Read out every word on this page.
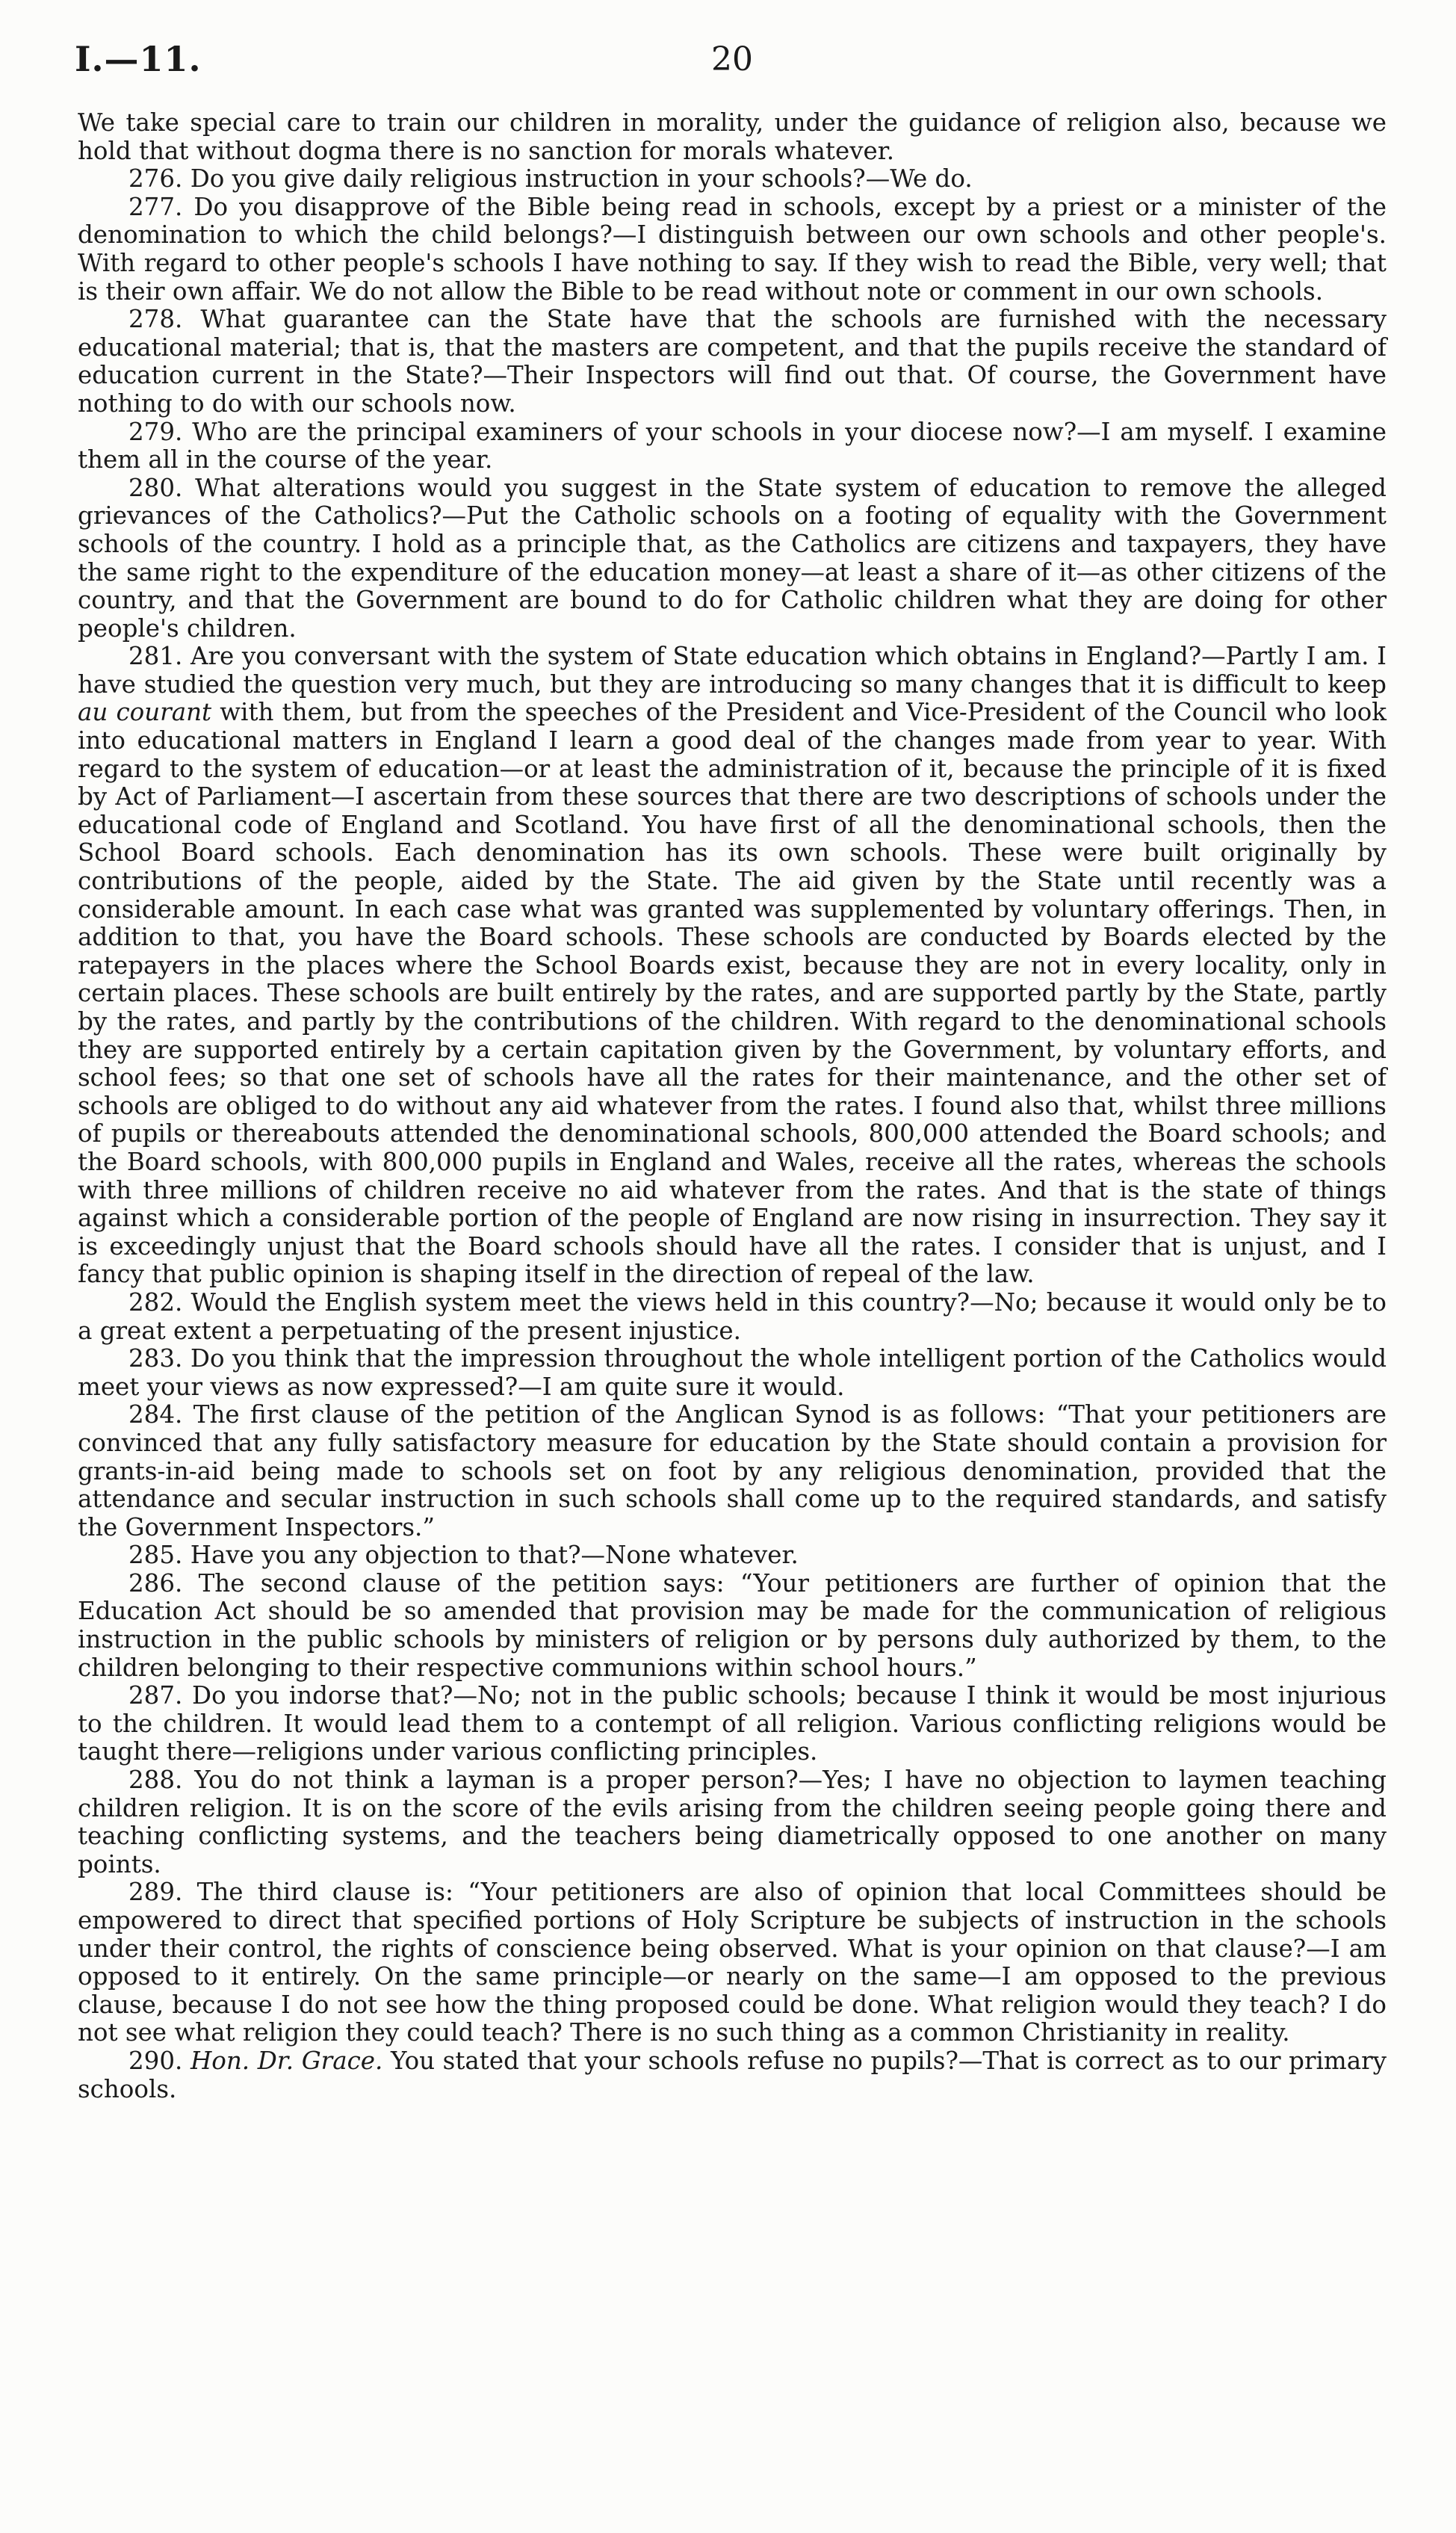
I.—11.	20

We take special care to train our children in morality, under the guidance of religion also, because we hold that without dogma there is no sanction for morals whatever.

276. Do you give daily religious instruction in your schools?—We do.

277. Do you disapprove of the Bible being read in schools, except by a priest or a minister of the denomination to which the child belongs?—I distinguish between our own schools and other people's. With regard to other people's schools I have nothing to say. If they wish to read the Bible, very well; that is their own affair. We do not allow the Bible to be read without note or comment in our own schools.

278. What guarantee can the State have that the schools are furnished with the necessary educational material; that is, that the masters are competent, and that the pupils receive the standard of education current in the State?—Their Inspectors will find out that. Of course, the Government have nothing to do with our schools now.

279. Who are the principal examiners of your schools in your diocese now?—I am myself. I examine them all in the course of the year.

280. What alterations would you suggest in the State system of education to remove the alleged grievances of the Catholics?—Put the Catholic schools on a footing of equality with the Government schools of the country. I hold as a principle that, as the Catholics are citizens and taxpayers, they have the same right to the expenditure of the education money—at least a share of it—as other citizens of the country, and that the Government are bound to do for Catholic children what they are doing for other people's children.

281. Are you conversant with the system of State education which obtains in England?—Partly I am. I have studied the question very much, but they are introducing so many changes that it is difficult to keep au courant with them, but from the speeches of the President and Vice-President of the Council who look into educational matters in England I learn a good deal of the changes made from year to year. With regard to the system of education—or at least the administration of it, because the principle of it is fixed by Act of Parliament—I ascertain from these sources that there are two descriptions of schools under the educational code of England and Scotland. You have first of all the denominational schools, then the School Board schools. Each denomination has its own schools. These were built originally by contributions of the people, aided by the State. The aid given by the State until recently was a considerable amount. In each case what was granted was supplemented by voluntary offerings. Then, in addition to that, you have the Board schools. These schools are conducted by Boards elected by the ratepayers in the places where the School Boards exist, because they are not in every locality, only in certain places. These schools are built entirely by the rates, and are supported partly by the State, partly by the rates, and partly by the contributions of the children. With regard to the denominational schools they are supported entirely by a certain capitation given by the Government, by voluntary efforts, and school fees; so that one set of schools have all the rates for their maintenance, and the other set of schools are obliged to do without any aid whatever from the rates. I found also that, whilst three millions of pupils or thereabouts attended the denominational schools, 800,000 attended the Board schools; and the Board schools, with 800,000 pupils in England and Wales, receive all the rates, whereas the schools with three millions of children receive no aid whatever from the rates. And that is the state of things against which a considerable portion of the people of England are now rising in insurrection. They say it is exceedingly unjust that the Board schools should have all the rates. I consider that is unjust, and I fancy that public opinion is shaping itself in the direction of repeal of the law.

282. Would the English system meet the views held in this country?—No; because it would only be to a great extent a perpetuating of the present injustice.

283. Do you think that the impression throughout the whole intelligent portion of the Catholics would meet your views as now expressed?—I am quite sure it would.

284. The first clause of the petition of the Anglican Synod is as follows: “That your petitioners are convinced that any fully satisfactory measure for education by the State should contain a provision for grants-in-aid being made to schools set on foot by any religious denomination, provided that the attendance and secular instruction in such schools shall come up to the required standards, and satisfy the Government Inspectors.”

285. Have you any objection to that?—None whatever.

286. The second clause of the petition says: “Your petitioners are further of opinion that the Education Act should be so amended that provision may be made for the communication of religious instruction in the public schools by ministers of religion or by persons duly authorized by them, to the children belonging to their respective communions within school hours.”

287. Do you indorse that?—No; not in the public schools; because I think it would be most injurious to the children. It would lead them to a contempt of all religion. Various conflicting religions would be taught there—religions under various conflicting principles.

288. You do not think a layman is a proper person?—Yes; I have no objection to laymen teaching children religion. It is on the score of the evils arising from the children seeing people going there and teaching conflicting systems, and the teachers being diametrically opposed to one another on many points.

289. The third clause is: “Your petitioners are also of opinion that local Committees should be empowered to direct that specified portions of Holy Scripture be subjects of instruction in the schools under their control, the rights of conscience being observed. What is your opinion on that clause?—I am opposed to it entirely. On the same principle—or nearly on the same—I am opposed to the previous clause, because I do not see how the thing proposed could be done. What religion would they teach? I do not see what religion they could teach? There is no such thing as a common Christianity in reality.

290. Hon. Dr. Grace. You stated that your schools refuse no pupils?—That is correct as to our primary schools.
